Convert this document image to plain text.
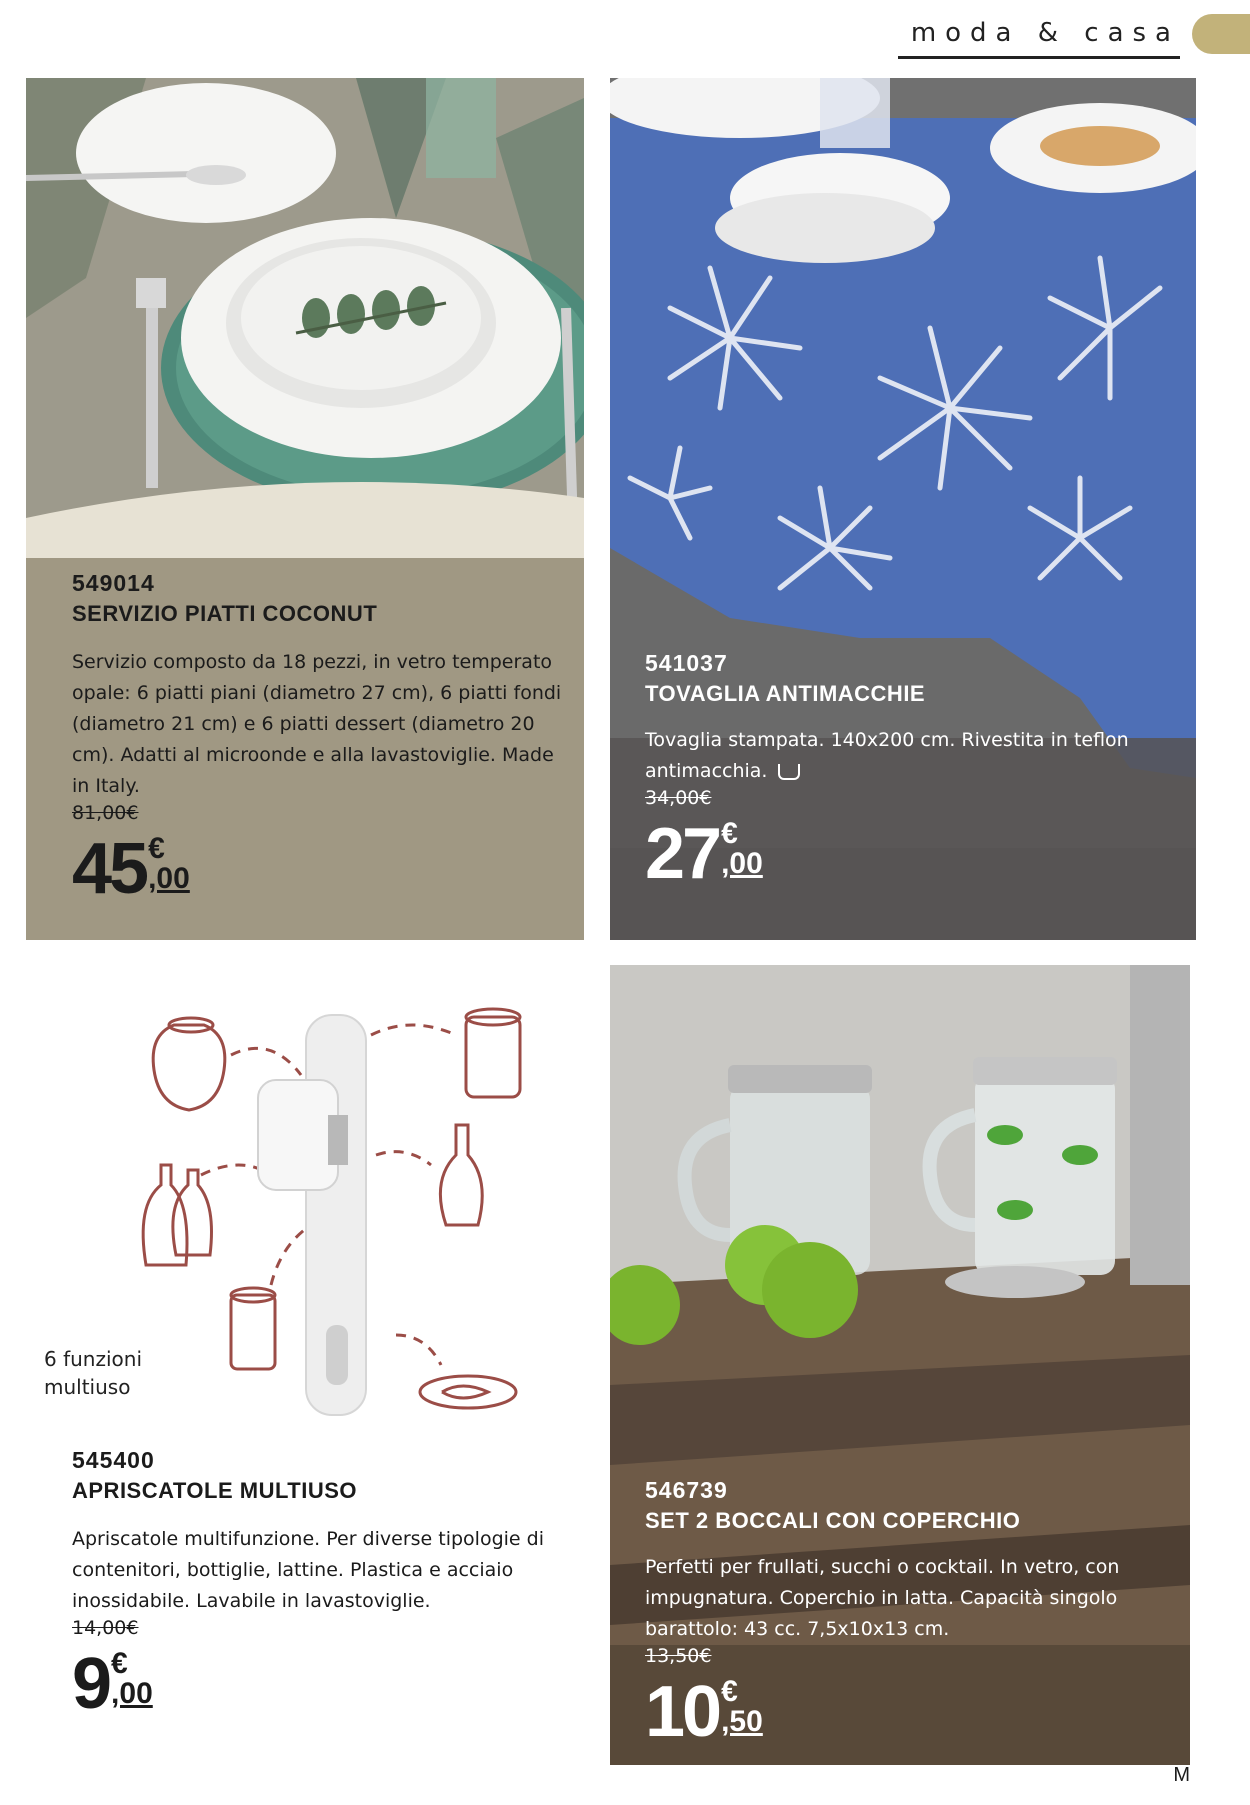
moda & casa
549014
SERVIZIO PIATTI COCONUT
Servizio composto da 18 pezzi, in vetro temperato opale: 6 piatti piani (diametro 27 cm), 6 piatti fondi (diametro 21 cm) e 6 piatti dessert (diametro 20 cm). Adatti al microonde e alla lavastoviglie. Made in Italy.
81,00€
45 €
,00
541037
TOVAGLIA ANTIMACCHIE
Tovaglia stampata. 140x200 cm. Rivestita in teflon antimacchia.
34,00€
27 €
,00
6 funzioni multiuso
545400
APRISCATOLE MULTIUSO
Apriscatole multifunzione. Per diverse tipologie di contenitori, bottiglie, lattine. Plastica e acciaio inossidabile. Lavabile in lavastoviglie.
14,00€
9 €
,00
546739
SET 2 BOCCALI CON COPERCHIO
Perfetti per frullati, succhi o cocktail. In vetro, con impugnatura. Coperchio in latta. Capacità singolo barattolo: 43 cc. 7,5x10x13 cm.
13,50€
10 €
,50
M
